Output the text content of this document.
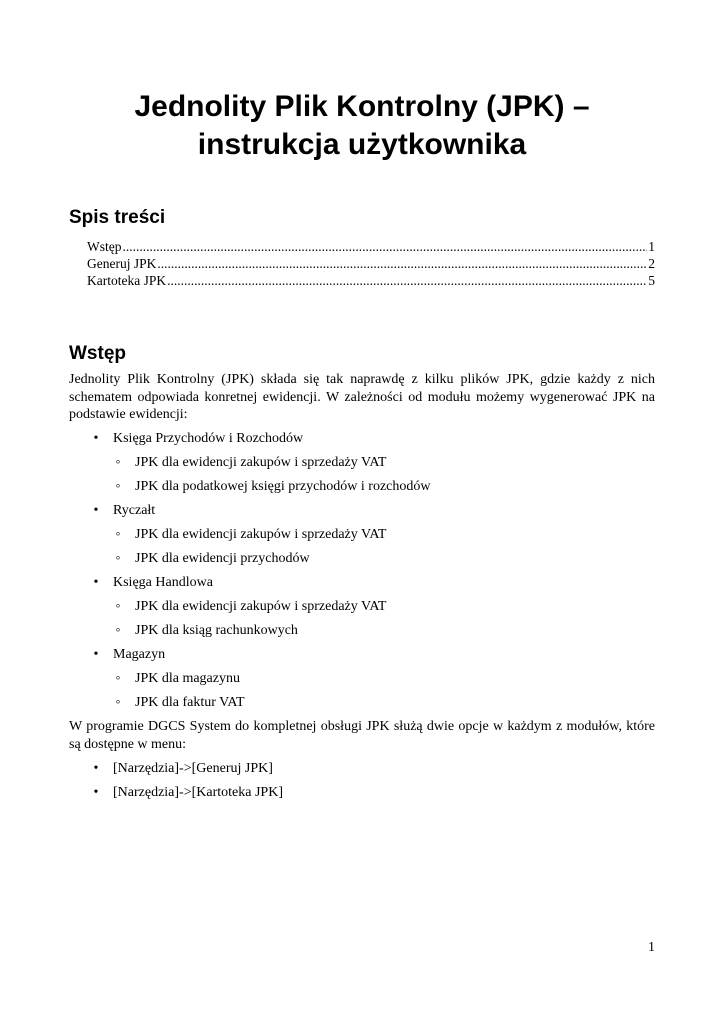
Jednolity Plik Kontrolny (JPK) –
instrukcja użytkownika
Spis treści
Wstęp .....	1
Generuj JPK .....	2
Kartoteka JPK .....	5
Wstęp
Jednolity Plik Kontrolny (JPK) składa się tak naprawdę z kilku plików JPK, gdzie każdy z nich schematem odpowiada konretnej ewidencji. W zależności od modułu możemy wygenerować JPK na podstawie ewidencji:
•	Księga Przychodów i Rozchodów
◦	JPK dla ewidencji zakupów i sprzedaży VAT
◦	JPK dla podatkowej księgi przychodów i rozchodów
•	Ryczałt
◦	JPK dla ewidencji zakupów i sprzedaży VAT
◦	JPK dla ewidencji przychodów
•	Księga Handlowa
◦	JPK dla ewidencji zakupów i sprzedaży VAT
◦	JPK dla ksiąg rachunkowych
•	Magazyn
◦	JPK dla magazynu
◦	JPK dla faktur VAT
W programie DGCS System do kompletnej obsługi JPK służą dwie opcje w każdym z modułów, które są dostępne w menu:
•	[Narzędzia]->[Generuj JPK]
•	[Narzędzia]->[Kartoteka JPK]
1
